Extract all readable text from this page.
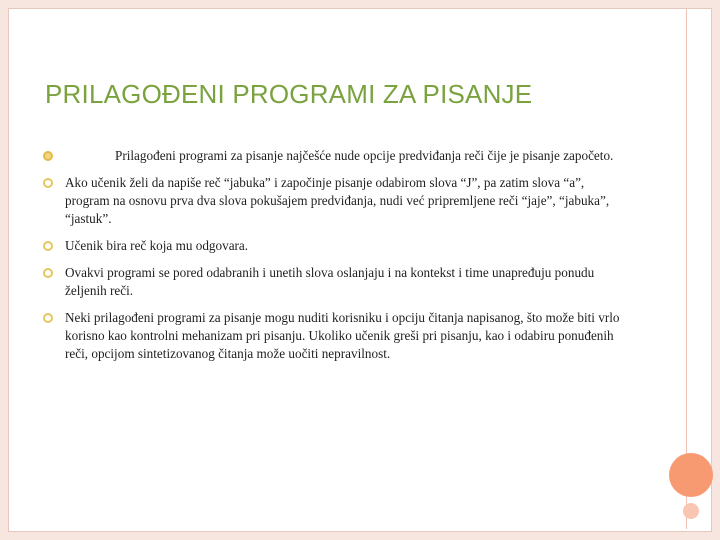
PRILAGOĐENI PROGRAMI ZA PISANJE
Prilagođeni programi za pisanje najčešće nude opcije predviđanja reči čije je pisanje započeto.
Ako učenik želi da napiše reč “jabuka” i započinje pisanje odabirom slova “J”, pa zatim slova “a”, program na osnovu prva dva slova pokušajem predviđanja, nudi već pripremljene reči “jaje”, “jabuka”, “jastuk”.
Učenik bira reč koja mu odgovara.
Ovakvi programi se pored odabranih i unetih slova oslanjaju i na kontekst i time unapređuju ponudu željenih reči.
Neki prilagođeni programi za pisanje mogu nuditi korisniku i opciju čitanja napisanog, što može biti vrlo korisno kao kontrolni mehanizam pri pisanju. Ukoliko učenik greši pri pisanju, kao i odabiru ponuđenih reči, opcijom sintetizovanog čitanja može uočiti nepravilnost.
